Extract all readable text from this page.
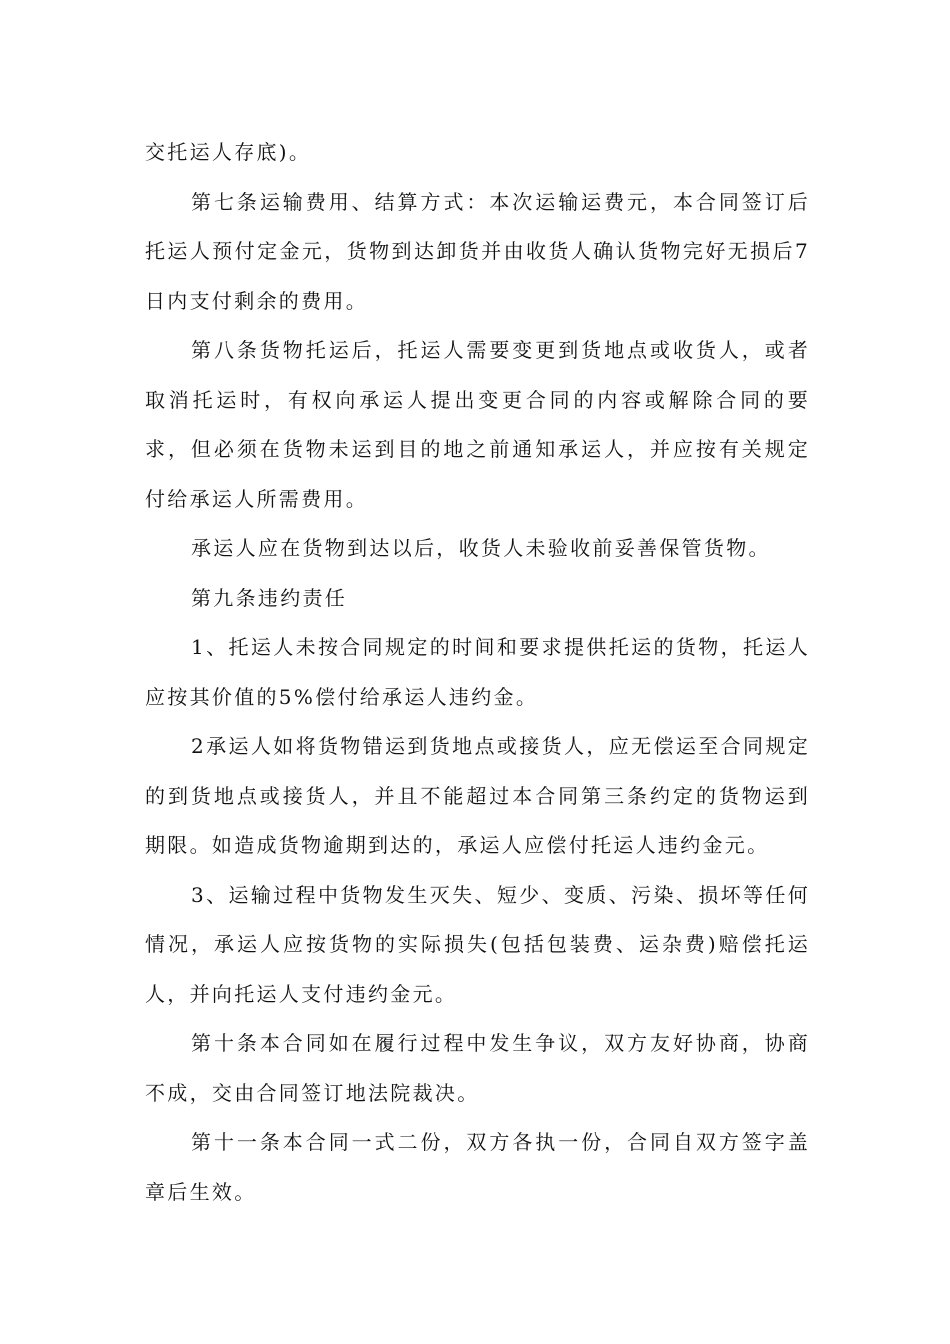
交托运人存底)。

第七条运输费用、结算方式：本次运输运费元，本合同签订后托运人预付定金元，货物到达卸货并由收货人确认货物完好无损后7日内支付剩余的费用。

第八条货物托运后，托运人需要变更到货地点或收货人，或者取消托运时，有权向承运人提出变更合同的内容或解除合同的要求，但必须在货物未运到目的地之前通知承运人，并应按有关规定付给承运人所需费用。

承运人应在货物到达以后，收货人未验收前妥善保管货物。

第九条违约责任

1、托运人未按合同规定的时间和要求提供托运的货物，托运人应按其价值的5%偿付给承运人违约金。

2承运人如将货物错运到货地点或接货人，应无偿运至合同规定的到货地点或接货人，并且不能超过本合同第三条约定的货物运到期限。如造成货物逾期到达的，承运人应偿付托运人违约金元。

3、运输过程中货物发生灭失、短少、变质、污染、损坏等任何情况，承运人应按货物的实际损失(包括包装费、运杂费)赔偿托运人，并向托运人支付违约金元。

第十条本合同如在履行过程中发生争议，双方友好协商，协商不成，交由合同签订地法院裁决。

第十一条本合同一式二份，双方各执一份，合同自双方签字盖章后生效。
